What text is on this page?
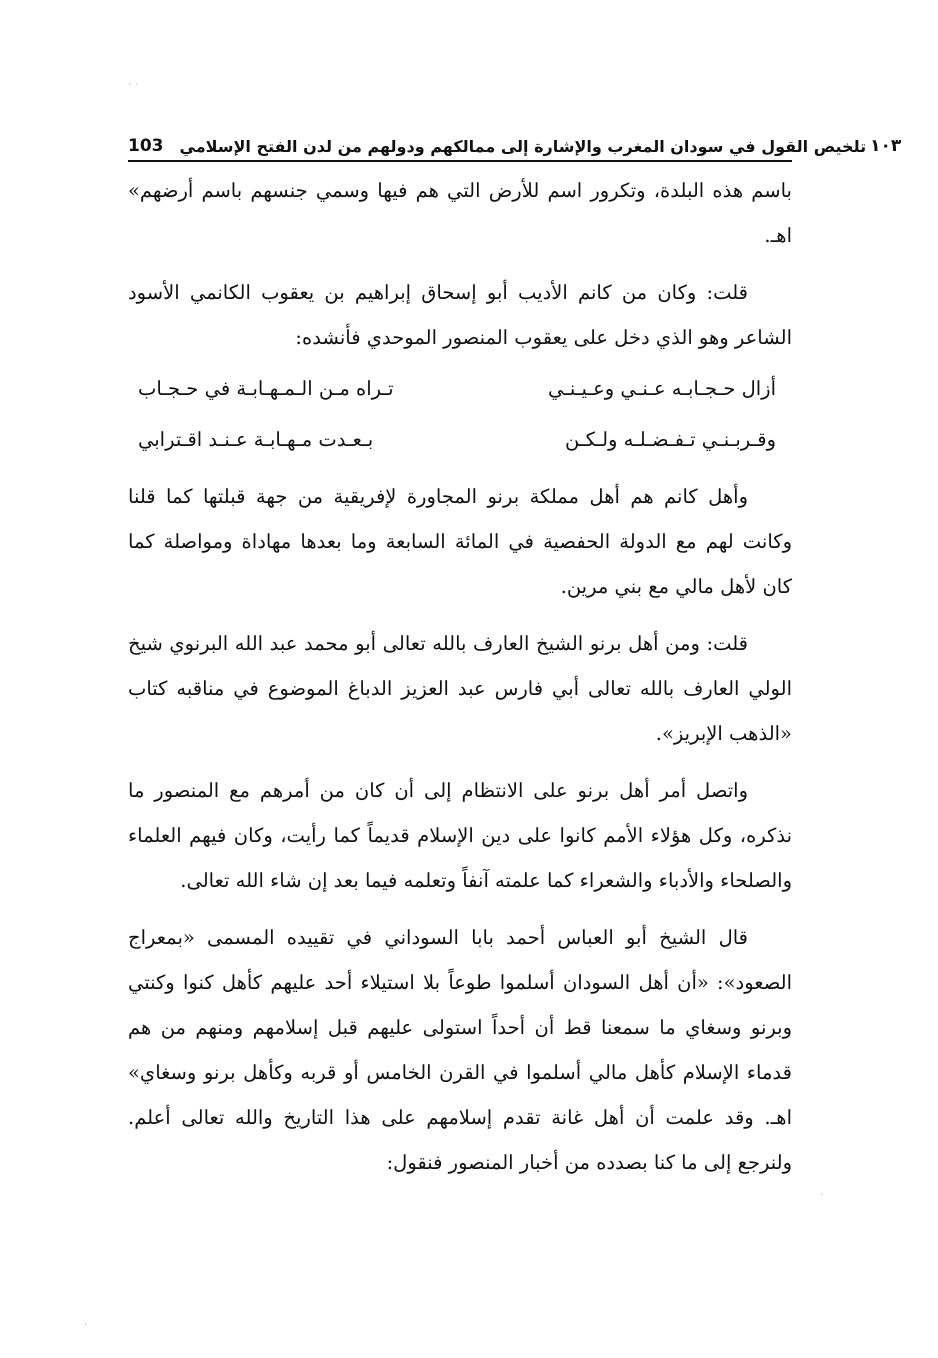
· ·
103 تلخيص القول في سودان المغرب والإشارة إلى ممالكهم ودولهم من لدن الفتح الإسلامي ١٠٣

باسم هذه البلدة، وتكرور اسم للأرض التي هم فيها وسمي جنسهم باسم أرضهم» اهـ.

قلت: وكان من كانم الأديب أبو إسحاق إبراهيم بن يعقوب الكانمي الأسود الشاعر وهو الذي دخل على يعقوب المنصور الموحدي فأنشده:

أزال حـجـابـه عـنـي وعـيـنـي
تـراه مـن الـمـهـابـة في حـجـاب
وقـربـنـي تـفـضـلـه ولـكـن
بـعـدت مـهـابـة عـنـد اقـترابي

وأهل كانم هم أهل مملكة برنو المجاورة لإفريقية من جهة قبلتها كما قلنا وكانت لهم مع الدولة الحفصية في المائة السابعة وما بعدها مهاداة ومواصلة كما كان لأهل مالي مع بني مرين.

قلت: ومن أهل برنو الشيخ العارف بالله تعالى أبو محمد عبد الله البرنوي شيخ الولي العارف بالله تعالى أبي فارس عبد العزيز الدباغ الموضوع في مناقبه كتاب «الذهب الإبريز».

واتصل أمر أهل برنو على الانتظام إلى أن كان من أمرهم مع المنصور ما نذكره، وكل هؤلاء الأمم كانوا على دين الإسلام قديماً كما رأيت، وكان فيهم العلماء والصلحاء والأدباء والشعراء كما علمته آنفاً وتعلمه فيما بعد إن شاء الله تعالى.

قال الشيخ أبو العباس أحمد بابا السوداني في تقييده المسمى «بمعراج الصعود»: «أن أهل السودان أسلموا طوعاً بلا استيلاء أحد عليهم كأهل كنوا وكنتي وبرنو وسغاي ما سمعنا قط أن أحداً استولى عليهم قبل إسلامهم ومنهم من هم قدماء الإسلام كأهل مالي أسلموا في القرن الخامس أو قربه وكأهل برنو وسغاي» اهـ. وقد علمت أن أهل غانة تقدم إسلامهم على هذا التاريخ والله تعالى أعلم. ولنرجع إلى ما كنا بصدده من أخبار المنصور فنقول:

·
·
